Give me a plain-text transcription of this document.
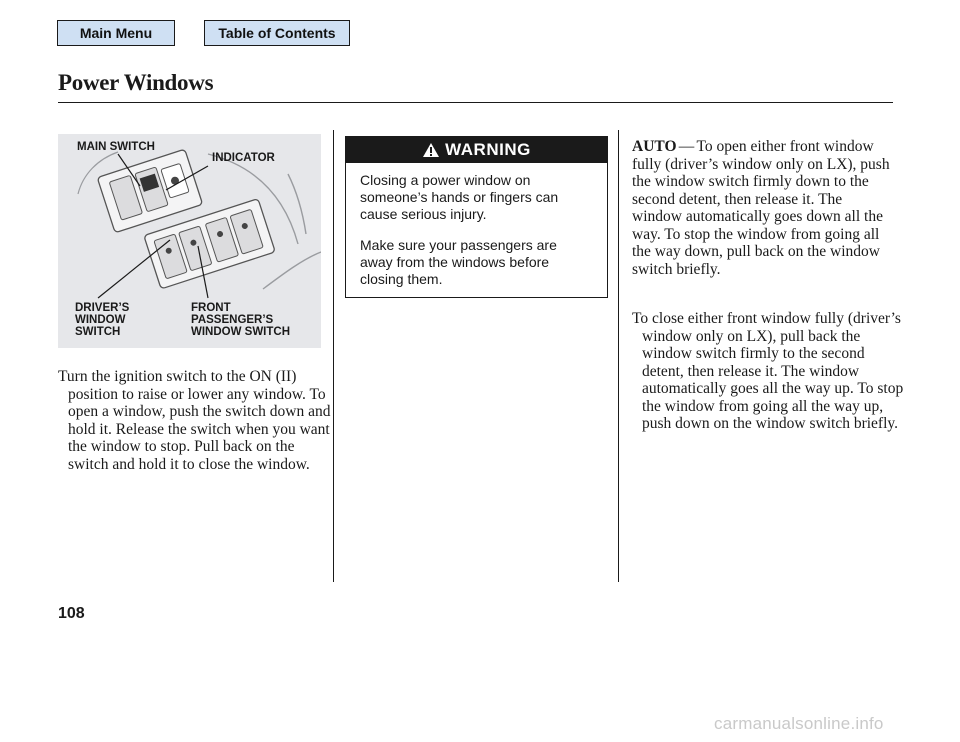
Main Menu	Table of Contents
Power Windows
MAIN SWITCH
INDICATOR
DRIVER’S
WINDOW
SWITCH
FRONT
PASSENGER’S
WINDOW SWITCH

Turn the ignition switch to the ON (II) position to raise or lower any window. To open a window, push the switch down and hold it. Release the switch when you want the window to stop. Pull back on the switch and hold it to close the window.

WARNING

Closing a power window on someone’s hands or fingers can cause serious injury.

Make sure your passengers are away from the windows before closing them.

AUTO — To open either front window fully (driver’s window only on LX), push the window switch firmly down to the second detent, then release it. The window automatically goes down all the way. To stop the window from going all the way down, pull back on the window switch briefly.

To close either front window fully (driver’s window only on LX), pull back the window switch firmly to the second detent, then release it. The window automatically goes all the way up. To stop the window from going all the way up, push down on the window switch briefly.

108

carmanualsonline.info
